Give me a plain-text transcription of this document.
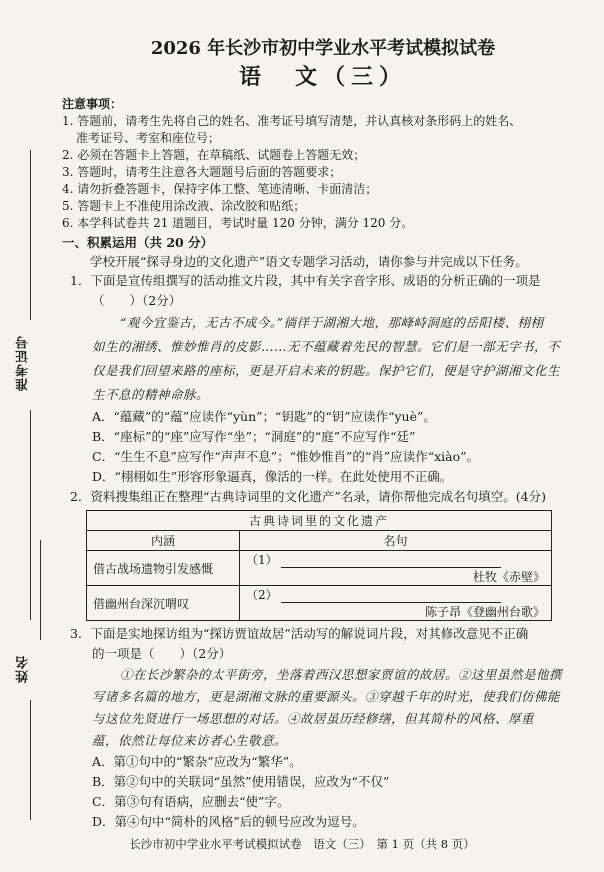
准考证号
姓名
2026 年长沙市初中学业水平考试模拟试卷
语　文（三）
注意事项：
1. 答题前，请考生先将自己的姓名、准考证号填写清楚，并认真核对条形码上的姓名、
准考证号、考室和座位号；
2. 必须在答题卡上答题，在草稿纸、试题卷上答题无效；
3. 答题时，请考生注意各大题题号后面的答题要求；
4. 请勿折叠答题卡，保持字体工整、笔迹清晰、卡面清洁；
5. 答题卡上不准使用涂改液、涂改胶和贴纸；
6. 本学科试卷共 21 道题目，考试时量 120 分钟，满分 120 分。
一、积累运用（共 20 分）
学校开展“探寻身边的文化遗产”语文专题学习活动，请你参与并完成以下任务。
1．下面是宣传组撰写的活动推文片段，其中有关字音字形、成语的分析正确的一项是
（　　）（2分）
“观今宜鉴古，无古不成今。”徜徉于湖湘大地，那峰峙洞庭的岳阳楼、栩栩
如生的湘绣、惟妙惟肖的皮影……无不蕴藏着先民的智慧。它们是一部无字书，不
仅是我们回望来路的座标，更是开启未来的钥匙。保护它们，便是守护湖湘文化生
生不息的精神命脉。
A．“蕴藏”的“蕴”应读作“yùn”；“钥匙”的“钥”应读作“yuè”。
B．“座标”的“座”应写作“坐”；“洞庭”的“庭”不应写作“廷”
C．“生生不息”应写作“声声不息”；“惟妙惟肖”的“肖”应读作“xiào”。
D．“栩栩如生”形容形象逼真，像活的一样。在此处使用不正确。
2．资料搜集组正在整理“古典诗词里的文化遗产”名录，请你帮他完成名句填空。(4分)
古典诗词里的文化遗产	
内涵	名句
借古战场遗物引发感慨	（1）
杜牧《赤壁》

借幽州台深沉喟叹	（2）
陈子昂《登幽州台歌》
3．下面是实地探访组为“探访贾谊故居”活动写的解说词片段，对其修改意见不正确
的一项是（　　）（2分）
①在长沙繁杂的太平街旁，坐落着西汉思想家贾谊的故居。②这里虽然是他撰
写诸多名篇的地方，更是湖湘文脉的重要源头。③穿越千年的时光，使我们仿佛能
与这位先贤进行一场思想的对话。④故居虽历经修缮，但其简朴的风格、厚重
蕴，依然让每位来访者心生敬意。
A．第①句中的“繁杂”应改为“繁华”。
B．第②句中的关联词“虽然”使用错误，应改为“不仅”
C．第③句有语病，应删去“使”字。
D．第④句中“简朴的风格”后的顿号应改为逗号。
长沙市初中学业水平考试模拟试卷　语文（三）　第 1 页（共 8 页）
